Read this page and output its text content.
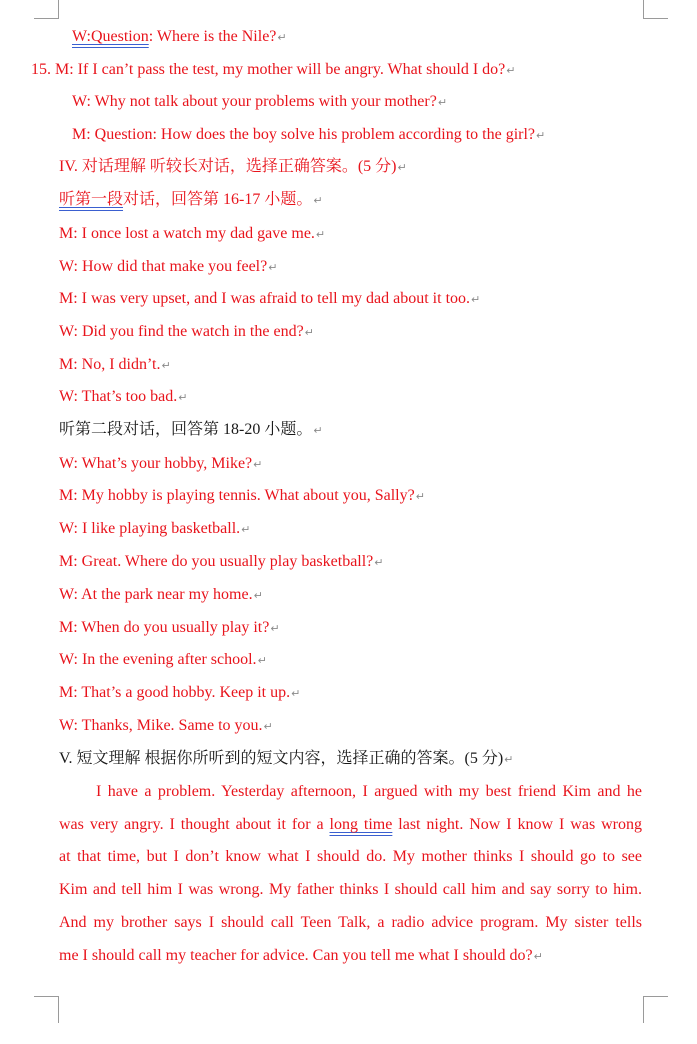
W:Question: Where is the Nile?↵
15. M: If I can’t pass the test, my mother will be angry. What should I do?↵
W: Why not talk about your problems with your mother?↵
M: Question: How does the boy solve his problem according to the girl?↵
IV. 对话理解 听较长对话，选择正确答案。(5 分)↵
听第一段对话，回答第 16-17 小题。↵
M: I once lost a watch my dad gave me.↵
W: How did that make you feel?↵
M: I was very upset, and I was afraid to tell my dad about it too.↵
W: Did you find the watch in the end?↵
M: No, I didn’t.↵
W: That’s too bad.↵
听第二段对话，回答第 18-20 小题。↵
W: What’s your hobby, Mike?↵
M: My hobby is playing tennis. What about you, Sally?↵
W: I like playing basketball.↵
M: Great. Where do you usually play basketball?↵
W: At the park near my home.↵
M: When do you usually play it?↵
W: In the evening after school.↵
M: That’s a good hobby. Keep it up.↵
W: Thanks, Mike. Same to you.↵
V. 短文理解 根据你所听到的短文内容，选择正确的答案。(5 分)↵
I have a problem. Yesterday afternoon, I argued with my best friend Kim and he
was very angry. I thought about it for a long time last night. Now I know I was wrong
at that time, but I don’t know what I should do. My mother thinks I should go to see
Kim and tell him I was wrong. My father thinks I should call him and say sorry to him.
And my brother says I should call Teen Talk, a radio advice program. My sister tells
me I should call my teacher for advice. Can you tell me what I should do?↵
